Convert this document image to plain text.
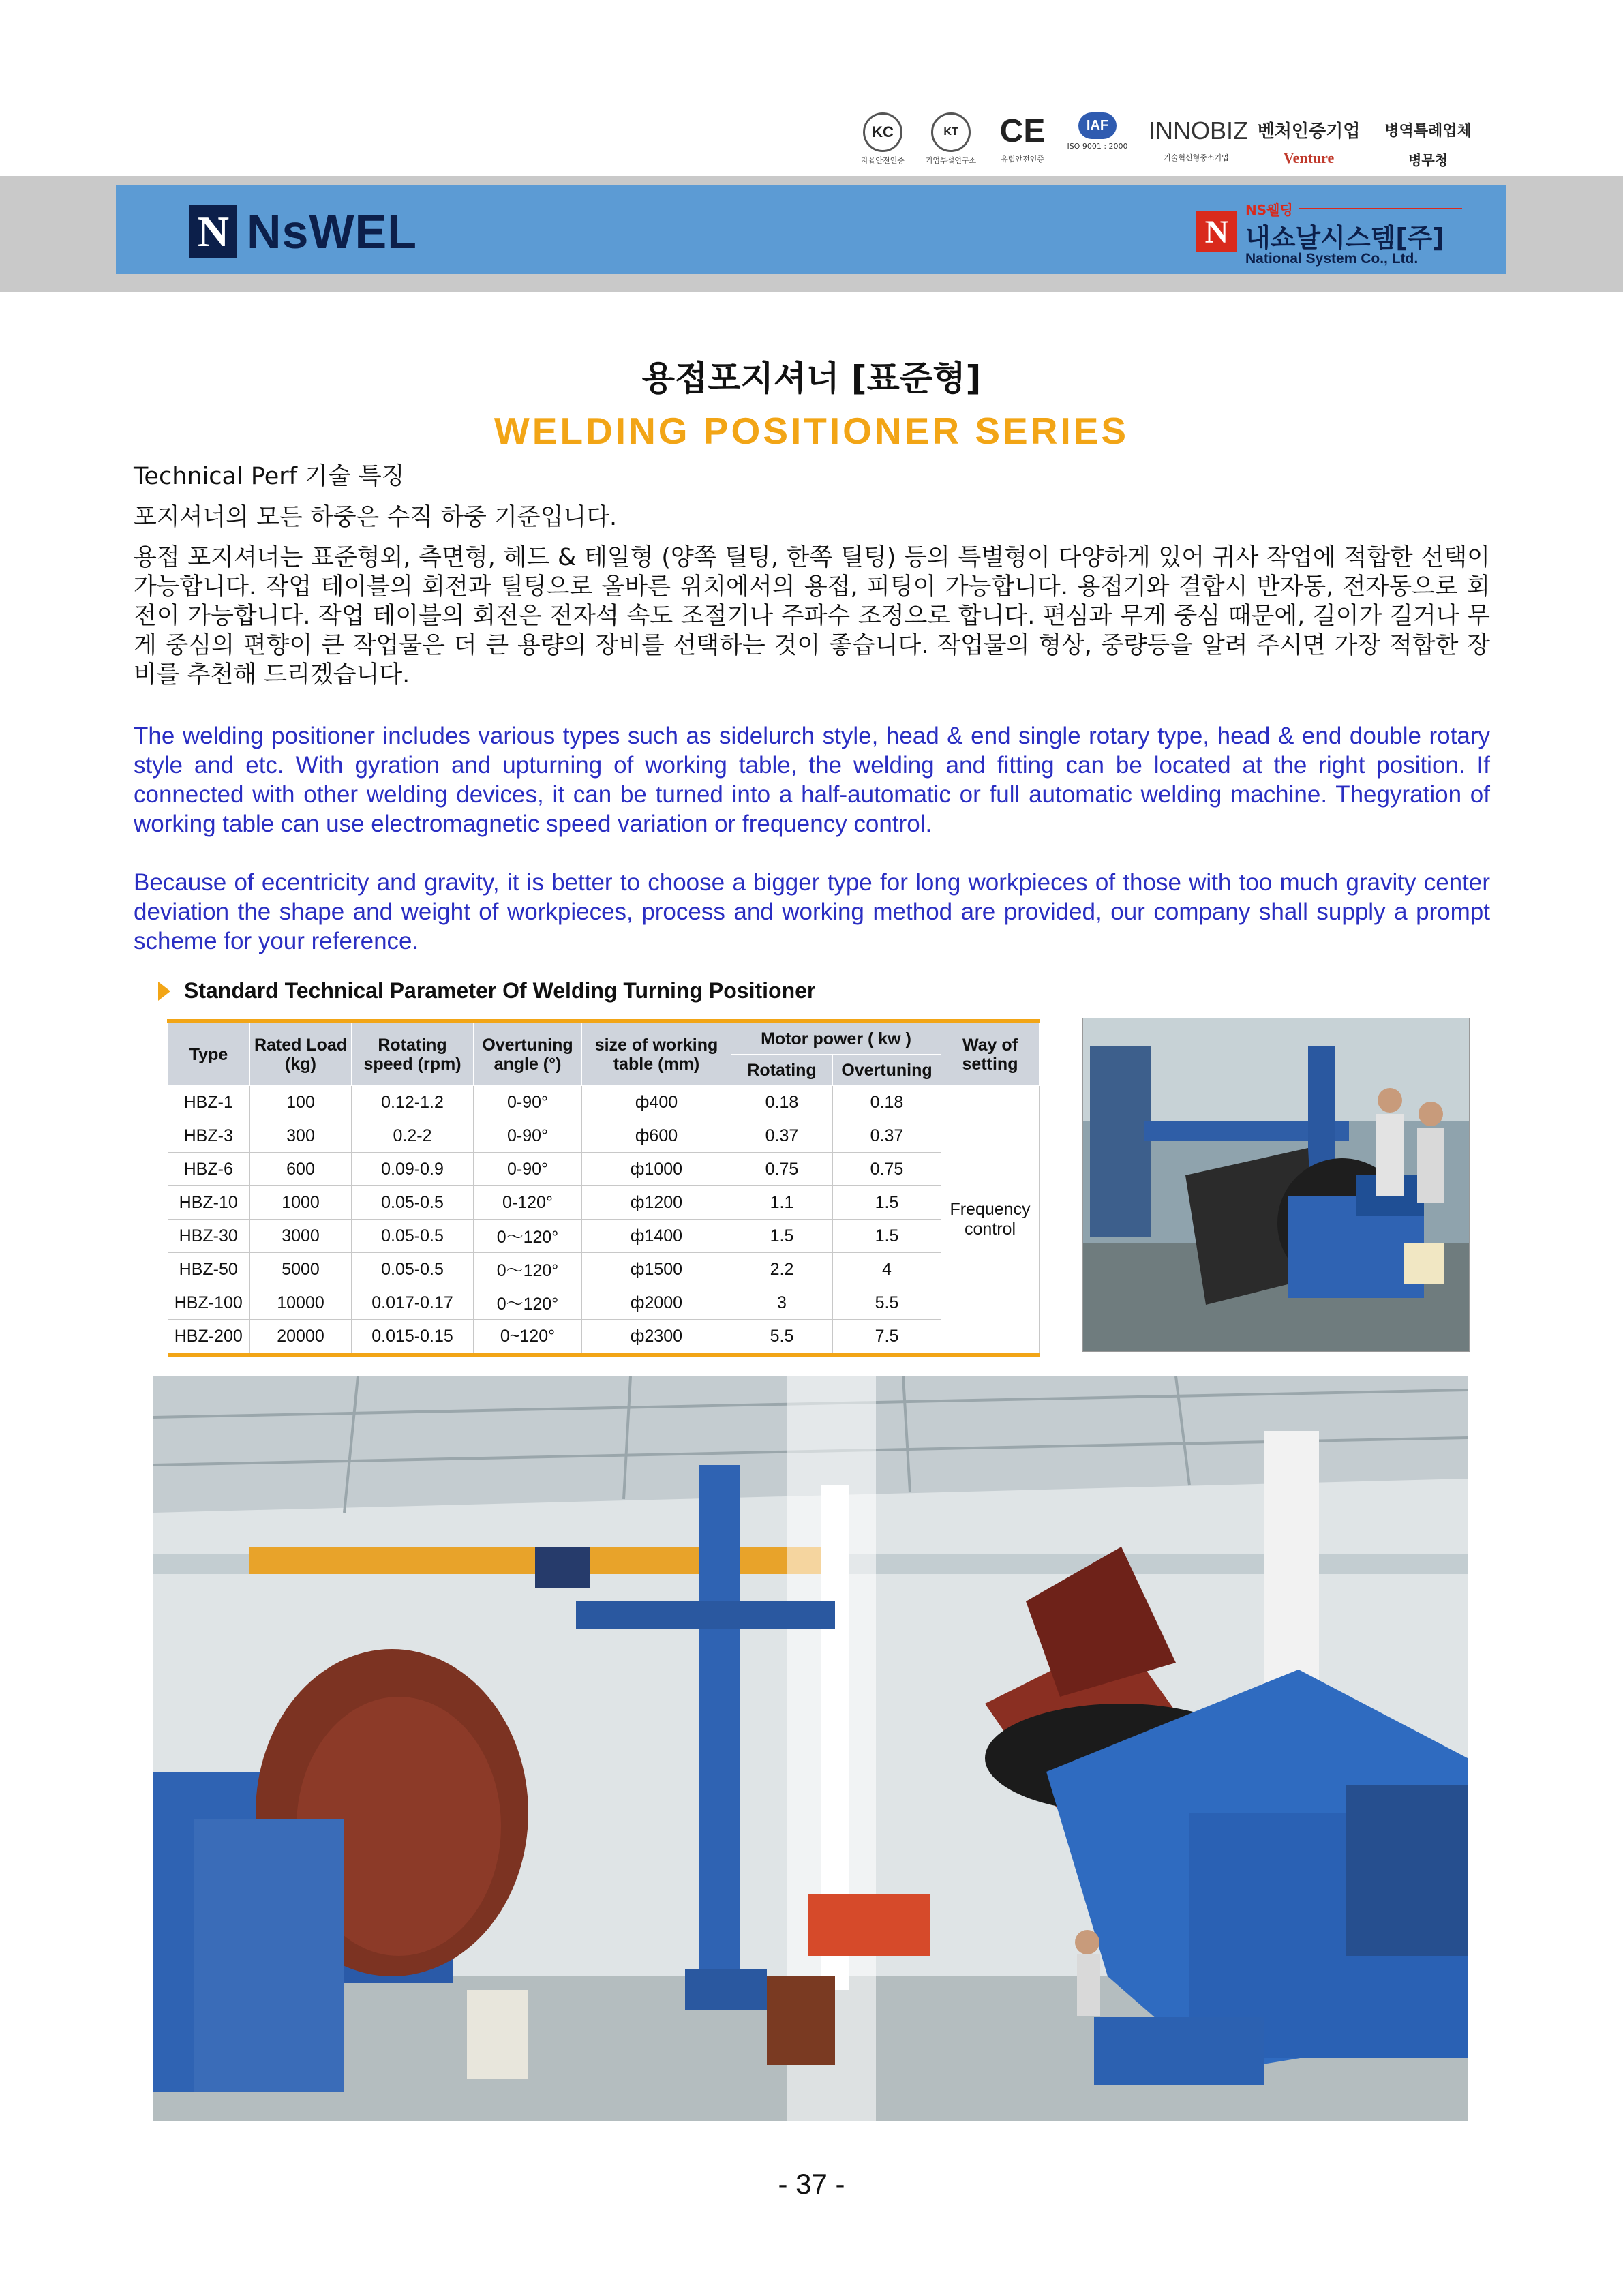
KC
자율안전인증
KT
기업부설연구소
CE
유럽안전인증
IAF
ISO 9001 : 2000
INNOBIZ
기술혁신형중소기업
벤처인증기업
Venture
병역특례업체
병무청
N NsWEL	N
NS웰딩
내쇼날시스템[주]
National System Co., Ltd.
용접포지셔너 [표준형]
WELDING POSITIONER SERIES
Technical Perf 기술 특징
포지셔너의 모든 하중은 수직 하중 기준입니다.
용접 포지셔너는 표준형외, 측면형, 헤드 & 테일형 (양쪽 틸팅, 한쪽 틸팅) 등의 특별형이 다양하게 있어 귀사 작업에 적합한 선택이 가능합니다. 작업 테이블의 회전과 틸팅으로 올바른 위치에서의 용접, 피팅이 가능합니다. 용접기와 결합시 반자동, 전자동으로 회전이 가능합니다. 작업 테이블의 회전은 전자석 속도 조절기나 주파수 조정으로 합니다. 편심과 무게 중심 때문에, 길이가 길거나 무게 중심의 편향이 큰 작업물은 더 큰 용량의 장비를 선택하는 것이 좋습니다. 작업물의 형상, 중량등을 알려 주시면 가장 적합한 장비를 추천해 드리겠습니다.
The welding positioner includes various types such as sidelurch style, head & end single rotary type, head & end double rotary style and etc. With gyration and upturning of working table, the welding and fitting can be located at the right position. If connected with other welding devices, it can be turned into a half-automatic or full automatic welding machine. Thegyration of working table can use electromagnetic speed variation or frequency control.
Because of ecentricity and gravity, it is better to choose a bigger type for long workpieces of those with too much gravity center deviation the shape and weight of workpieces, process and working method are provided, our company shall supply a prompt scheme for your reference.
Standard Technical Parameter Of Welding Turning Positioner
Type	Rated Load (kg)	Rotating speed (rpm)	Overtuning angle (°)	size of working table (mm)	Motor power ( kw )		Way of setting
					Rotating	Overtuning	
HBZ-1	100	0.12-1.2	0-90°	ф400	0.18	0.18	Frequency control
HBZ-3	300	0.2-2	0-90°	ф600	0.37	0.37	
HBZ-6	600	0.09-0.9	0-90°	ф1000	0.75	0.75	
HBZ-10	1000	0.05-0.5	0-120°	ф1200	1.1	1.5	
HBZ-30	3000	0.05-0.5	0～120°	ф1400	1.5	1.5	
HBZ-50	5000	0.05-0.5	0～120°	ф1500	2.2	4	
HBZ-100	10000	0.017-0.17	0～120°	ф2000	3	5.5	
HBZ-200	20000	0.015-0.15	0~120°	ф2300	5.5	7.5	
- 37 -
